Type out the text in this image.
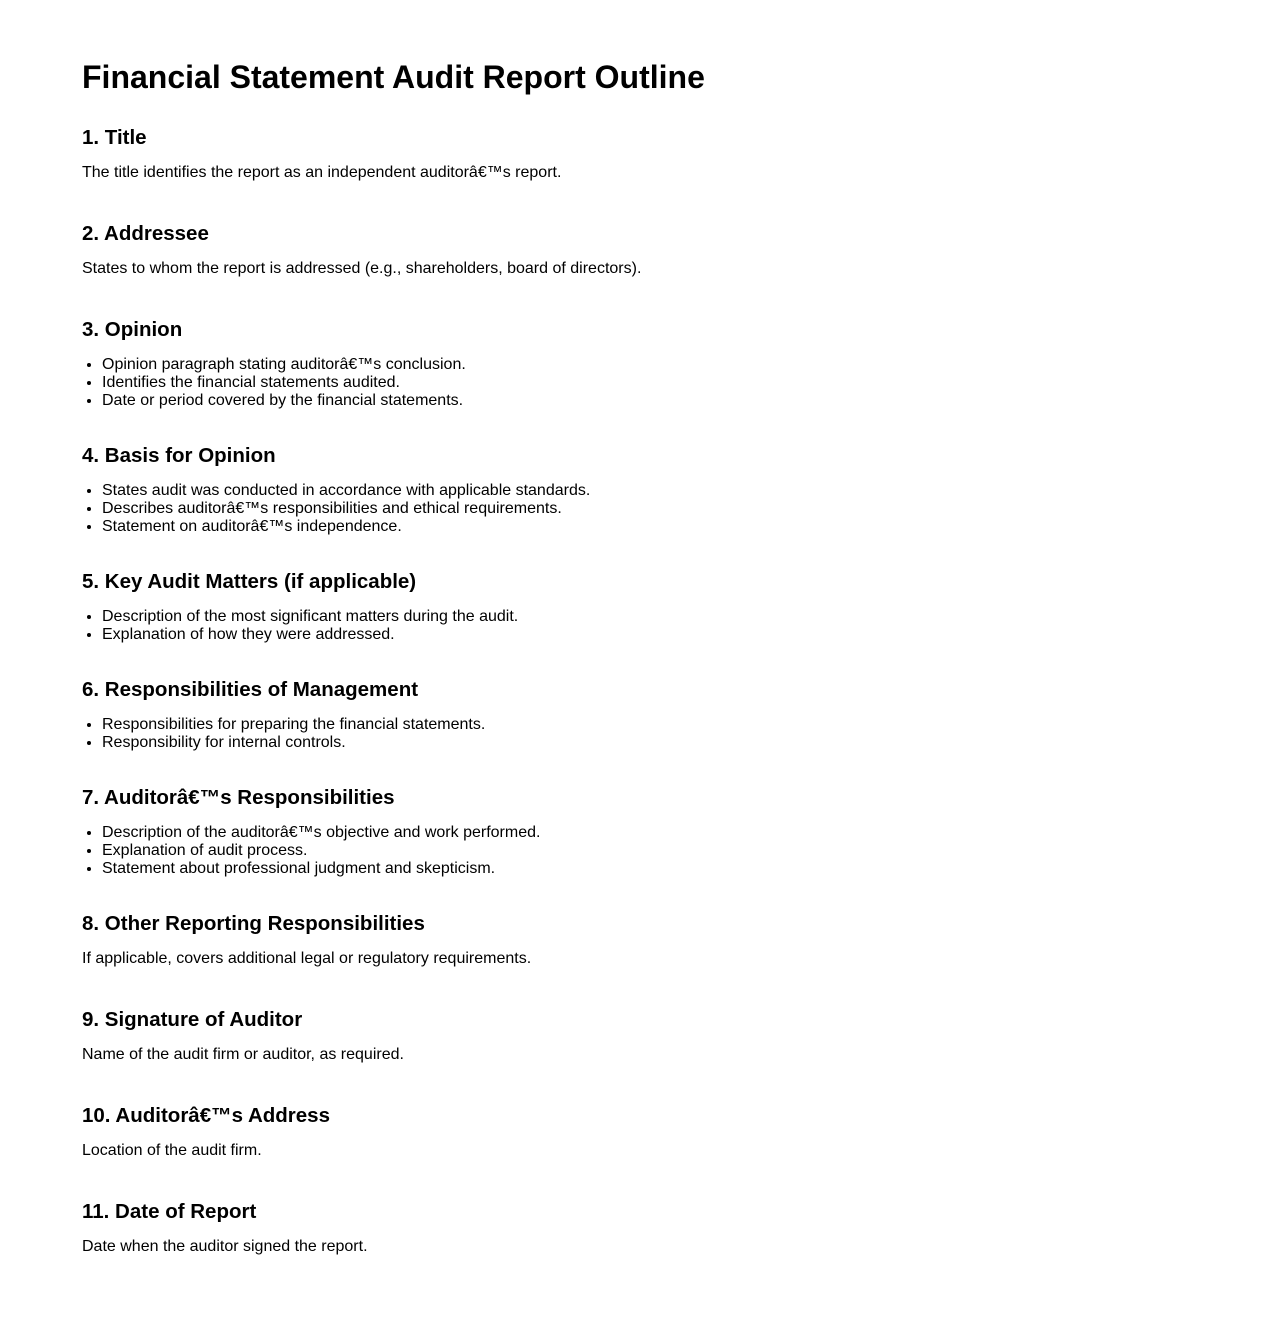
Financial Statement Audit Report Outline
1. Title

The title identifies the report as an independent auditorâ€™s report.

2. Addressee

States to whom the report is addressed (e.g., shareholders, board of directors).

3. Opinion
• Opinion paragraph stating auditorâ€™s conclusion.
• Identifies the financial statements audited.
• Date or period covered by the financial statements.
4. Basis for Opinion
• States audit was conducted in accordance with applicable standards.
• Describes auditorâ€™s responsibilities and ethical requirements.
• Statement on auditorâ€™s independence.
5. Key Audit Matters (if applicable)
• Description of the most significant matters during the audit.
• Explanation of how they were addressed.
6. Responsibilities of Management
• Responsibilities for preparing the financial statements.
• Responsibility for internal controls.
7. Auditorâ€™s Responsibilities
• Description of the auditorâ€™s objective and work performed.
• Explanation of audit process.
• Statement about professional judgment and skepticism.
8. Other Reporting Responsibilities

If applicable, covers additional legal or regulatory requirements.

9. Signature of Auditor

Name of the audit firm or auditor, as required.

10. Auditorâ€™s Address

Location of the audit firm.

11. Date of Report

Date when the auditor signed the report.
